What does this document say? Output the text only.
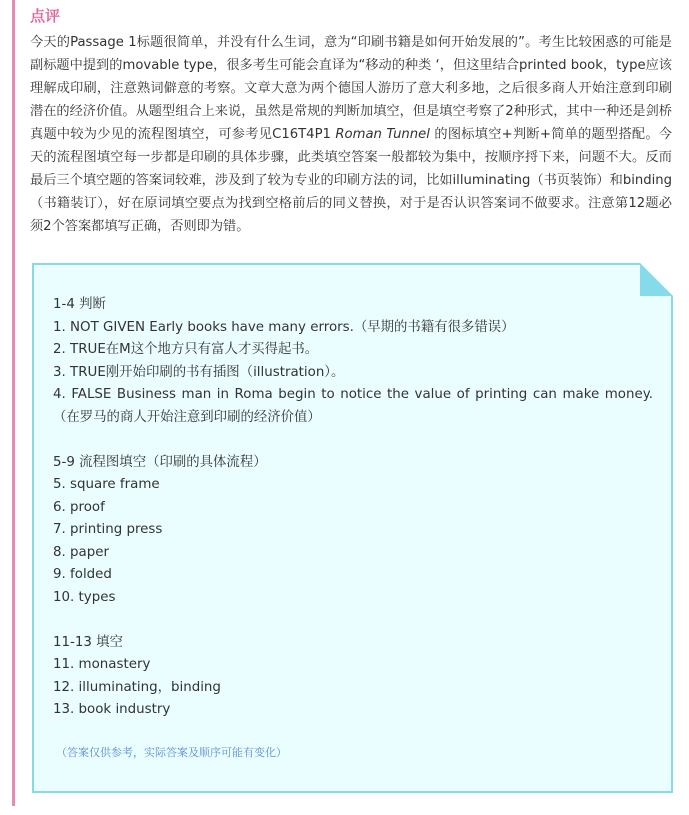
点评

今天的Passage 1标题很简单，并没有什么生词，意为“印刷书籍是如何开始发展的”。考生比较困惑的可能是副标题中提到的movable type，很多考生可能会直译为“移动的种类 ‘，但这里结合printed book，type应该理解成印刷，注意熟词僻意的考察。文章大意为两个德国人游历了意大利多地，之后很多商人开始注意到印刷潜在的经济价值。从题型组合上来说，虽然是常规的判断加填空，但是填空考察了2种形式，其中一种还是剑桥真题中较为少见的流程图填空，可参考见C16T4P1 Roman Tunnel 的图标填空+判断+简单的题型搭配。今天的流程图填空每一步都是印刷的具体步骤，此类填空答案一般都较为集中，按顺序捋下来，问题不大。反而最后三个填空题的答案词较难，涉及到了较为专业的印刷方法的词，比如illuminating（书页装饰）和binding（书籍装订），好在原词填空要点为找到空格前后的同义替换，对于是否认识答案词不做要求。注意第12题必须2个答案都填写正确，否则即为错。

1-4 判断
1. NOT GIVEN Early books have many errors.（早期的书籍有很多错误）
2. TRUE在M这个地方只有富人才买得起书。
3. TRUE刚开始印刷的书有插图（illustration）。
4. FALSE Business man in Roma begin to notice the value of printing can make money.（在罗马的商人开始注意到印刷的经济价值）
5-9 流程图填空（印刷的具体流程）
5. square frame
6. proof
7. printing press
8. paper
9. folded
10. types
11-13 填空
11. monastery
12. illuminating，binding
13. book industry
（答案仅供参考，实际答案及顺序可能有变化）
